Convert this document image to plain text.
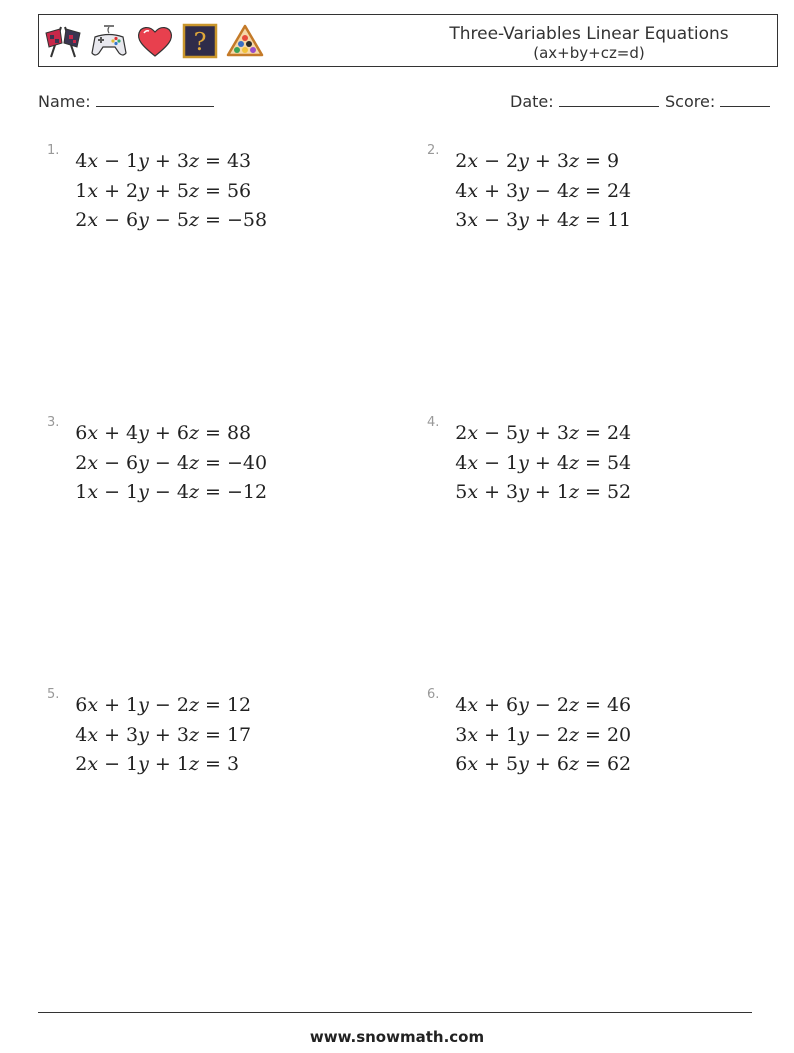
?	Three-Variables Linear Equations
(ax+by+cz=d)
Name:	Date:	Score:
1. 4x − 1y + 3z = 43
1x + 2y + 5z = 56
2x − 6y − 5z = −58
2. 2x − 2y + 3z = 9
4x + 3y − 4z = 24
3x − 3y + 4z = 11
3. 6x + 4y + 6z = 88
2x − 6y − 4z = −40
1x − 1y − 4z = −12
4. 2x − 5y + 3z = 24
4x − 1y + 4z = 54
5x + 3y + 1z = 52
5. 6x + 1y − 2z = 12
4x + 3y + 3z = 17
2x − 1y + 1z = 3
6. 4x + 6y − 2z = 46
3x + 1y − 2z = 20
6x + 5y + 6z = 62
www.snowmath.com
